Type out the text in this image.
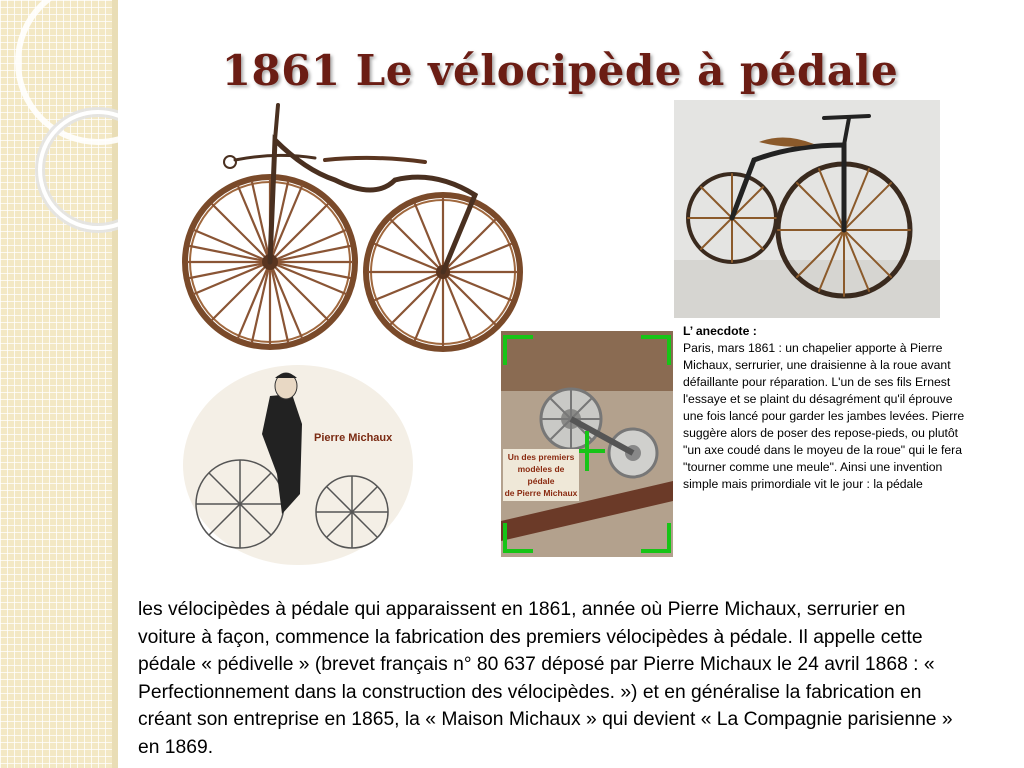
1861 Le vélocipède à pédale
Pierre Michaux
Un des premiers
modèles de pédale
de Pierre Michaux
L’ anecdote :
Paris, mars 1861 : un chapelier apporte à Pierre Michaux, serrurier, une draisienne à la roue avant défaillante pour réparation. L'un de ses fils Ernest l'essaye et se plaint du désagrément qu'il éprouve une fois lancé pour garder les jambes levées. Pierre suggère alors de poser des repose-pieds, ou plutôt "un axe coudé dans le moyeu de la roue" qui le fera "tourner comme une meule". Ainsi une invention simple mais primordiale vit le jour : la pédale

les vélocipèdes à pédale qui apparaissent en 1861, année où Pierre Michaux, serrurier en voiture à façon, commence la fabrication des premiers vélocipèdes à pédale. Il appelle cette pédale « pédivelle » (brevet français n° 80 637 déposé par Pierre Michaux le 24 avril 1868 : « Perfectionnement dans la construction des vélocipèdes. ») et en généralise la fabrication en créant son entreprise en 1865, la « Maison Michaux » qui devient « La Compagnie parisienne » en 1869.
